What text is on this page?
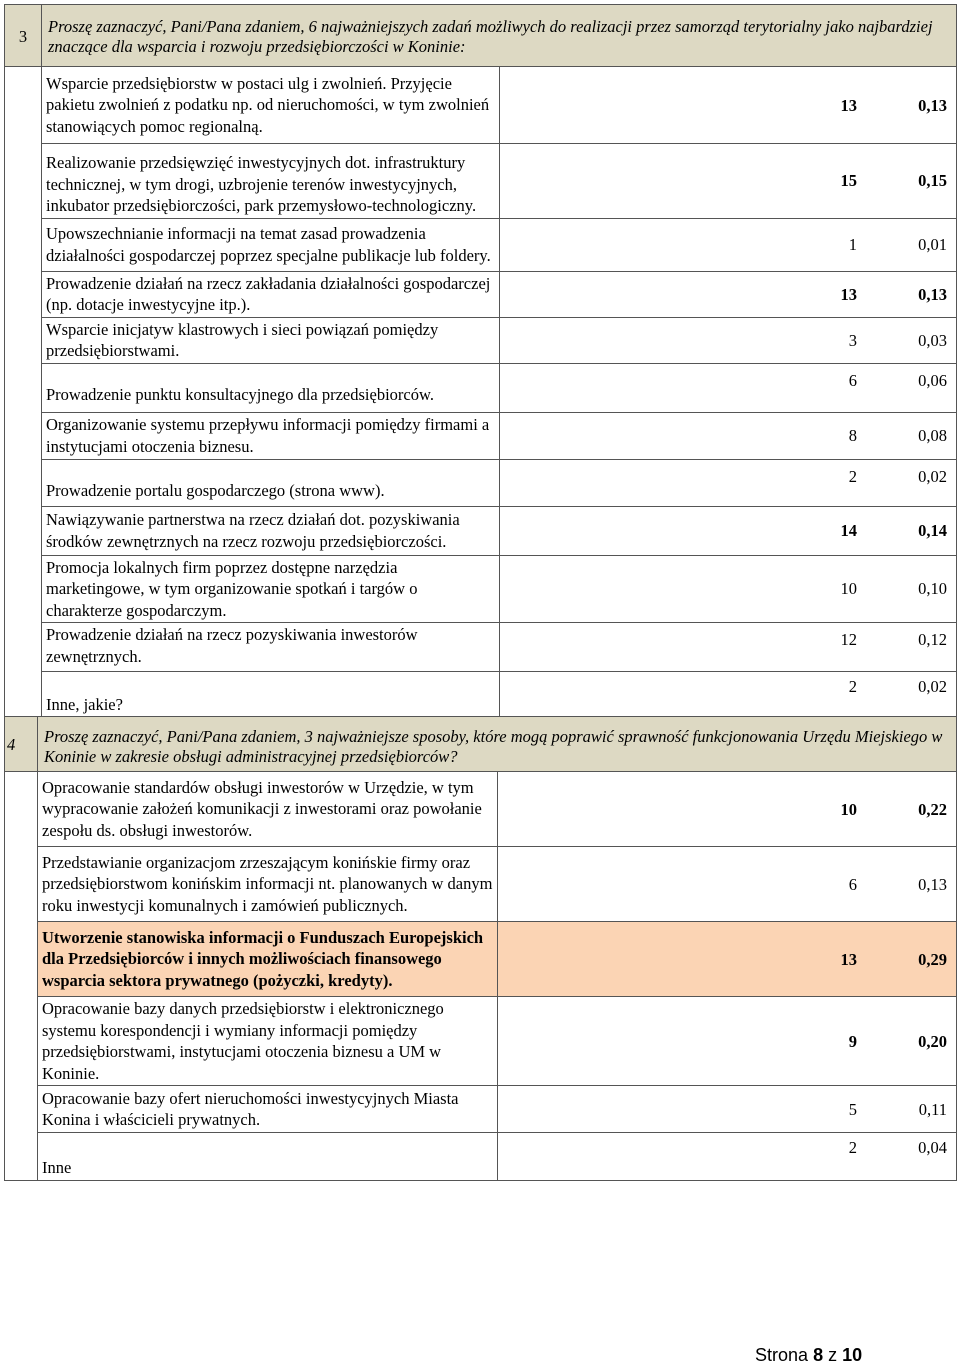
3	Proszę zaznaczyć, Pani/Pana zdaniem, 6 najważniejszych zadań możliwych do realizacji przez samorząd terytorialny jako najbardziej znaczące dla wsparcia i rozwoju przedsiębiorczości w Koninie:	
	Wsparcie przedsiębiorstw w postaci ulg i zwolnień. Przyjęcie pakietu zwolnień z podatku np. od nieruchomości, w tym zwolnień stanowiących pomoc regionalną.	13 0,13

	Realizowanie przedsięwzięć inwestycyjnych dot. infrastruktury technicznej, w tym drogi, uzbrojenie terenów inwestycyjnych, inkubator przedsiębiorczości, park przemysłowo-technologiczny.	15 0,15

	Upowszechnianie informacji na temat zasad prowadzenia działalności gospodarczej poprzez specjalne publikacje lub foldery.	1 0,01

	Prowadzenie działań na rzecz zakładania działalności gospodarczej (np. dotacje inwestycyjne itp.).	13 0,13

	Wsparcie inicjatyw klastrowych i sieci powiązań pomiędzy przedsiębiorstwami.	3 0,03

	Prowadzenie punktu konsultacyjnego dla przedsiębiorców.	6 0,06

	Organizowanie systemu przepływu informacji pomiędzy firmami a instytucjami otoczenia biznesu.	8 0,08

	Prowadzenie portalu gospodarczego (strona www).	2 0,02

	Nawiązywanie partnerstwa na rzecz działań dot. pozyskiwania środków zewnętrznych na rzecz rozwoju przedsiębiorczości.	14 0,14

	Promocja lokalnych firm poprzez dostępne narzędzia marketingowe, w tym organizowanie spotkań i targów o charakterze gospodarczym.	10 0,10

	Prowadzenie działań na rzecz pozyskiwania inwestorów zewnętrznych.	12 0,12

	Inne, jakie?	2 0,02
4	Proszę zaznaczyć, Pani/Pana zdaniem, 3 najważniejsze sposoby, które mogą poprawić sprawność funkcjonowania Urzędu Miejskiego w Koninie w zakresie obsługi administracyjnej przedsiębiorców?	
	Opracowanie standardów obsługi inwestorów w Urzędzie, w tym wypracowanie założeń komunikacji z inwestorami oraz powołanie zespołu ds. obsługi inwestorów.	10 0,22

	Przedstawianie organizacjom zrzeszającym konińskie firmy oraz przedsiębiorstwom konińskim informacji nt. planowanych w danym roku inwestycji komunalnych i zamówień publicznych.	6 0,13

	Utworzenie stanowiska informacji o Funduszach Europejskich dla Przedsiębiorców i innych możliwościach finansowego wsparcia sektora prywatnego (pożyczki, kredyty).	13 0,29

	Opracowanie bazy danych przedsiębiorstw i elektronicznego systemu korespondencji i wymiany informacji pomiędzy przedsiębiorstwami, instytucjami otoczenia biznesu a UM w Koninie.	9 0,20

	Opracowanie bazy ofert nieruchomości inwestycyjnych Miasta Konina i właścicieli prywatnych.	5 0,11

	Inne	2 0,04
Strona 8 z 10
